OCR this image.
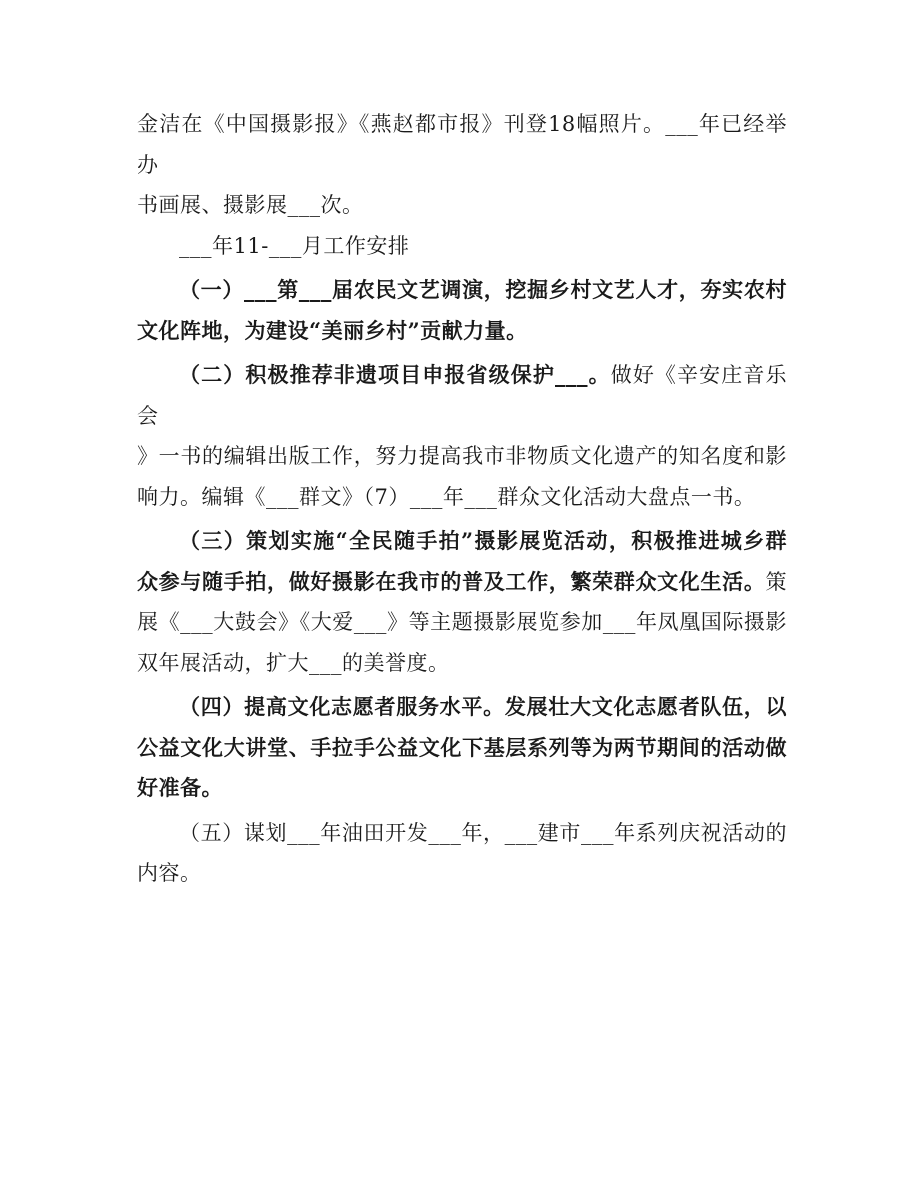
金洁在《中国摄影报》《燕赵都市报》刊登18幅照片。___年已经举办
书画展、摄影展___次。
___年11-___月工作安排
（一）___第___届农民文艺调演，挖掘乡村文艺人才，夯实农村
文化阵地，为建设“美丽乡村”贡献力量。
（二）积极推荐非遗项目申报省级保护___。做好《辛安庄音乐会
》一书的编辑出版工作，努力提高我市非物质文化遗产的知名度和影
响力。编辑《___群文》（7）___年___群众文化活动大盘点一书。
（三）策划实施“全民随手拍”摄影展览活动，积极推进城乡群
众参与随手拍，做好摄影在我市的普及工作，繁荣群众文化生活。策
展《___大鼓会》《大爱___》等主题摄影展览参加___年凤凰国际摄影
双年展活动，扩大___的美誉度。
（四）提高文化志愿者服务水平。发展壮大文化志愿者队伍，以
公益文化大讲堂、手拉手公益文化下基层系列等为两节期间的活动做
好准备。
（五）谋划___年油田开发___年，___建市___年系列庆祝活动的
内容。
